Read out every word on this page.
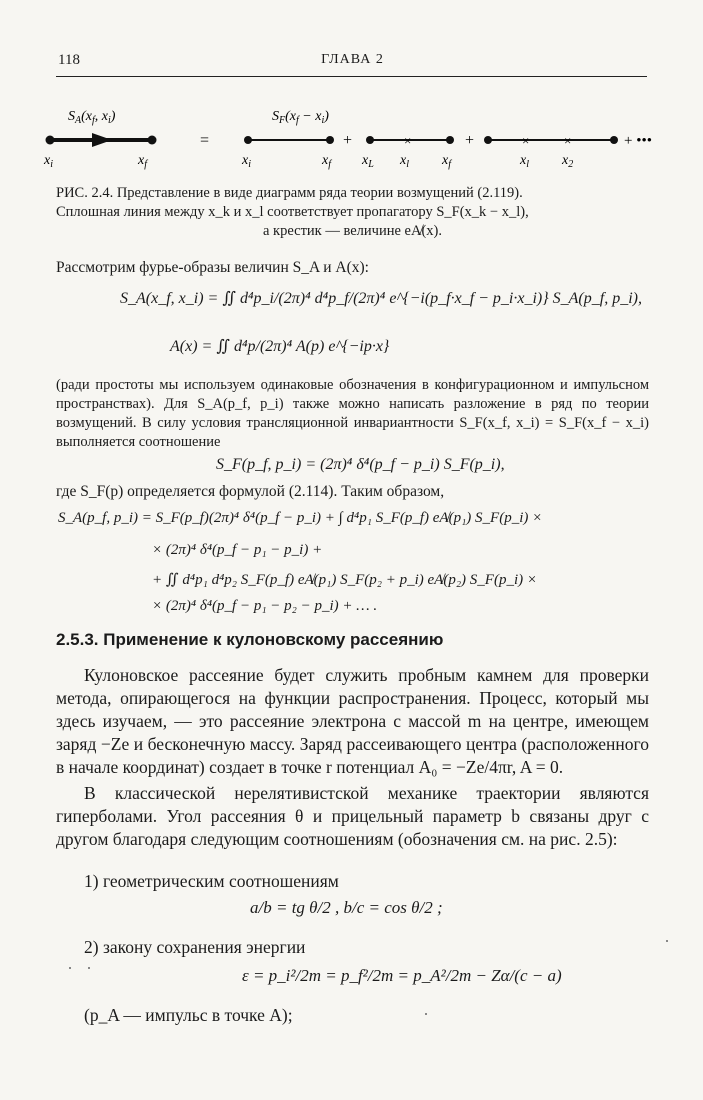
118	ГЛАВА 2
$S_A(x_f$, $x_i$)
$x_i$	$x_f$
=
$S_F(x_f - x_i)$
$x_i$	$x_f$
+	×
$x_L$ $x_l$ $x_f$
+	×	×
$x_l$ $x_2$
+ •••
РИС. 2.4. Представление в виде диаграмм ряда теории возмущений (2.119).
Сплошная линия между x_k и x_l соответствует пропагатору S_F(x_k − x_l),
а крестик — величине eA̸(x).
Рассмотрим фурье-образы величин S_A и A(x):
S_A(x_f, x_i) = ∬ d⁴p_i/(2π)⁴ d⁴p_f/(2π)⁴ e^{−i(p_f·x_f − p_i·x_i)} S_A(p_f, p_i),
A(x) = ∬ d⁴p/(2π)⁴ A(p) e^{−ip·x}
(ради простоты мы используем одинаковые обозначения в конфигурационном и импульсном пространствах). Для S_A(p_f, p_i) также можно написать разложение в ряд по теории возмущений. В силу условия трансляционной инвариантности S_F(x_f, x_i) = S_F(x_f − x_i) выполняется соотношение
S_F(p_f, p_i) = (2π)⁴ δ⁴(p_f − p_i) S_F(p_i),
где S_F(p) определяется формулой (2.114). Таким образом,
S_A(p_f, p_i) = S_F(p_f)(2π)⁴ δ⁴(p_f − p_i) + ∫ d⁴p₁ S_F(p_f) eA̸(p₁) S_F(p_i) ×
× (2π)⁴ δ⁴(p_f − p₁ − p_i) +
+ ∬ d⁴p₁ d⁴p₂ S_F(p_f) eA̸(p₁) S_F(p₂ + p_i) eA̸(p₂) S_F(p_i) ×
× (2π)⁴ δ⁴(p_f − p₁ − p₂ − p_i) + … .
2.5.3. Применение к кулоновскому рассеянию
Кулоновское рассеяние будет служить пробным камнем для проверки метода, опирающегося на функции распространения. Процесс, который мы здесь изучаем, — это рассеяние электрона с массой m на центре, имеющем заряд −Ze и бесконечную массу. Заряд рассеивающего центра (расположенного в начале координат) создает в точке r потенциал A₀ = −Ze/4πr, A = 0.
В классической нерелятивистской механике траектории являются гиперболами. Угол рассеяния θ и прицельный параметр b связаны друг с другом благодаря следующим соотношениям (обозначения см. на рис. 2.5):
1) геометрическим соотношениям
a/b = tg θ/2 , b/c = cos θ/2 ;
2) закону сохранения энергии
ε = p_i²/2m = p_f²/2m = p_A²/2m − Zα/(c − a)
(p_A — импульс в точке A);
